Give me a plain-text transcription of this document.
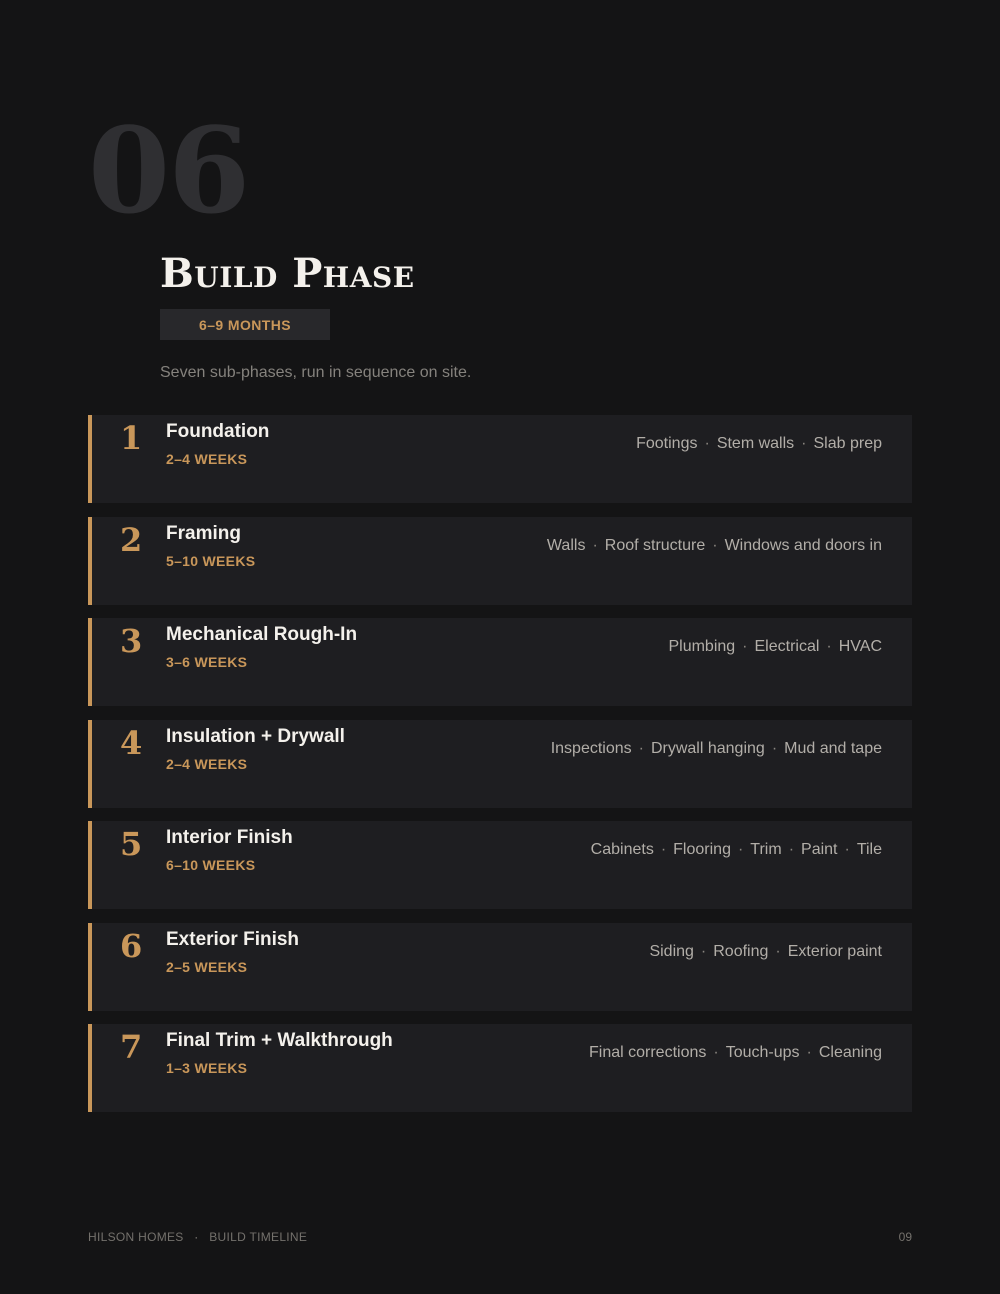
06
Build Phase
6–9 MONTHS
Seven sub-phases, run in sequence on site.
1 Foundation
2–4 WEEKS
Footings · Stem walls · Slab prep
2 Framing
5–10 WEEKS
Walls · Roof structure · Windows and doors in
3 Mechanical Rough-In
3–6 WEEKS
Plumbing · Electrical · HVAC
4 Insulation + Drywall
2–4 WEEKS
Inspections · Drywall hanging · Mud and tape
5 Interior Finish
6–10 WEEKS
Cabinets · Flooring · Trim · Paint · Tile
6 Exterior Finish
2–5 WEEKS
Siding · Roofing · Exterior paint
7 Final Trim + Walkthrough
1–3 WEEKS
Final corrections · Touch-ups · Cleaning
HILSON HOMES · BUILD TIMELINE	09
